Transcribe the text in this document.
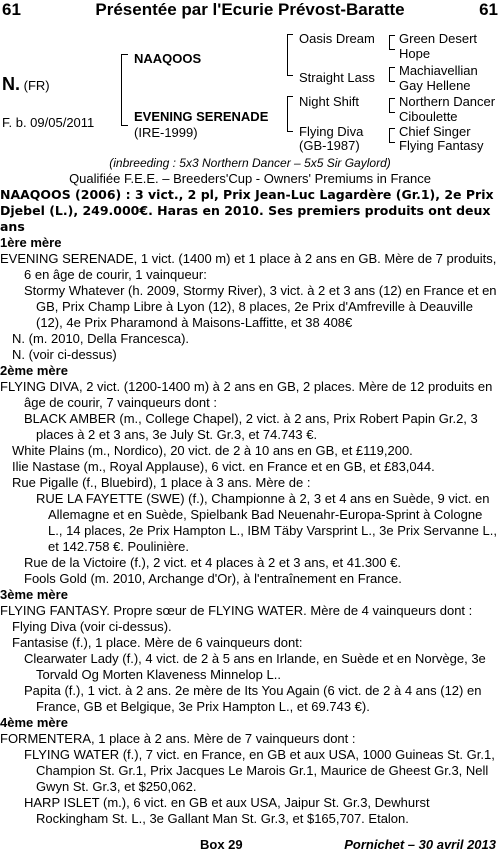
61	Présentée par l'Ecurie Prévost-Baratte	61
N. (FR)
F. b. 09/05/2011
NAAQOOS
EVENING SERENADE
(IRE-1999)
Oasis Dream
Straight Lass
Night Shift
Flying Diva
(GB-1987)
Green Desert
Hope
Machiavellian
Gay Hellene
Northern Dancer
Ciboulette
Chief Singer
Flying Fantasy

(inbreeding : 5x3 Northern Dancer – 5x5 Sir Gaylord)

Qualifiée F.E.E. – Breeders'Cup - Owners' Premiums in France

NAAQOOS (2006) : 3 vict., 2 pl, Prix Jean-Luc Lagardère (Gr.1), 2e Prix Djebel (L.), 249.000€. Haras en 2010. Ses premiers produits ont deux ans

1ère mère

EVENING SERENADE, 1 vict. (1400 m) et 1 place à 2 ans en GB. Mère de 7 produits, 6 en âge de courir, 1 vainqueur:

Stormy Whatever (h. 2009, Stormy River), 3 vict. à 2 et 3 ans (12) en France et en GB, Prix Champ Libre à Lyon (12), 8 places, 2e Prix d'Amfreville à Deauville (12), 4e Prix Pharamond à Maisons-Laffitte, et 38 408€

N. (m. 2010, Della Francesca).

N. (voir ci-dessus)

2ème mère

FLYING DIVA, 2 vict. (1200-1400 m) à 2 ans en GB, 2 places. Mère de 12 produits en âge de courir, 7 vainqueurs dont :

BLACK AMBER (m., College Chapel), 2 vict. à 2 ans, Prix Robert Papin Gr.2, 3 places à 2 et 3 ans, 3e July St. Gr.3, et 74.743 €.

White Plains (m., Nordico), 20 vict. de 2 à 10 ans en GB, et £119,200.

Ilie Nastase (m., Royal Applause), 6 vict. en France et en GB, et £83,044.

Rue Pigalle (f., Bluebird), 1 place à 3 ans. Mère de :

RUE LA FAYETTE (SWE) (f.), Championne à 2, 3 et 4 ans en Suède, 9 vict. en Allemagne et en Suède, Spielbank Bad Neuenahr-Europa-Sprint à Cologne L., 14 places, 2e Prix Hampton L., IBM Täby Varsprint L., 3e Prix Servanne L., et 142.758 €. Poulinière.

Rue de la Victoire (f.), 2 vict. et 4 places à 2 et 3 ans, et 41.300 €.

Fools Gold (m. 2010, Archange d'Or), à l'entraînement en France.

3ème mère

FLYING FANTASY. Propre sœur de FLYING WATER. Mère de 4 vainqueurs dont :

Flying Diva (voir ci-dessus).

Fantasise (f.), 1 place. Mère de 6 vainqueurs dont:

Clearwater Lady (f.), 4 vict. de 2 à 5 ans en Irlande, en Suède et en Norvège, 3e Torvald Og Morten Klaveness Minnelop L..

Papita (f.), 1 vict. à 2 ans. 2e mère de Its You Again (6 vict. de 2 à 4 ans (12) en France, GB et Belgique, 3e Prix Hampton L., et 69.743 €).

4ème mère

FORMENTERA, 1 place à 2 ans. Mère de 7 vainqueurs dont :

FLYING WATER (f.), 7 vict. en France, en GB et aux USA, 1000 Guineas St. Gr.1, Champion St. Gr.1, Prix Jacques Le Marois Gr.1, Maurice de Gheest Gr.3, Nell Gwyn St. Gr.3, et $250,062.

HARP ISLET (m.), 6 vict. en GB et aux USA, Jaipur St. Gr.3, Dewhurst Rockingham St. L., 3e Gallant Man St. Gr.3, et $165,707. Etalon.

Box 29	Pornichet – 30 avril 2013
